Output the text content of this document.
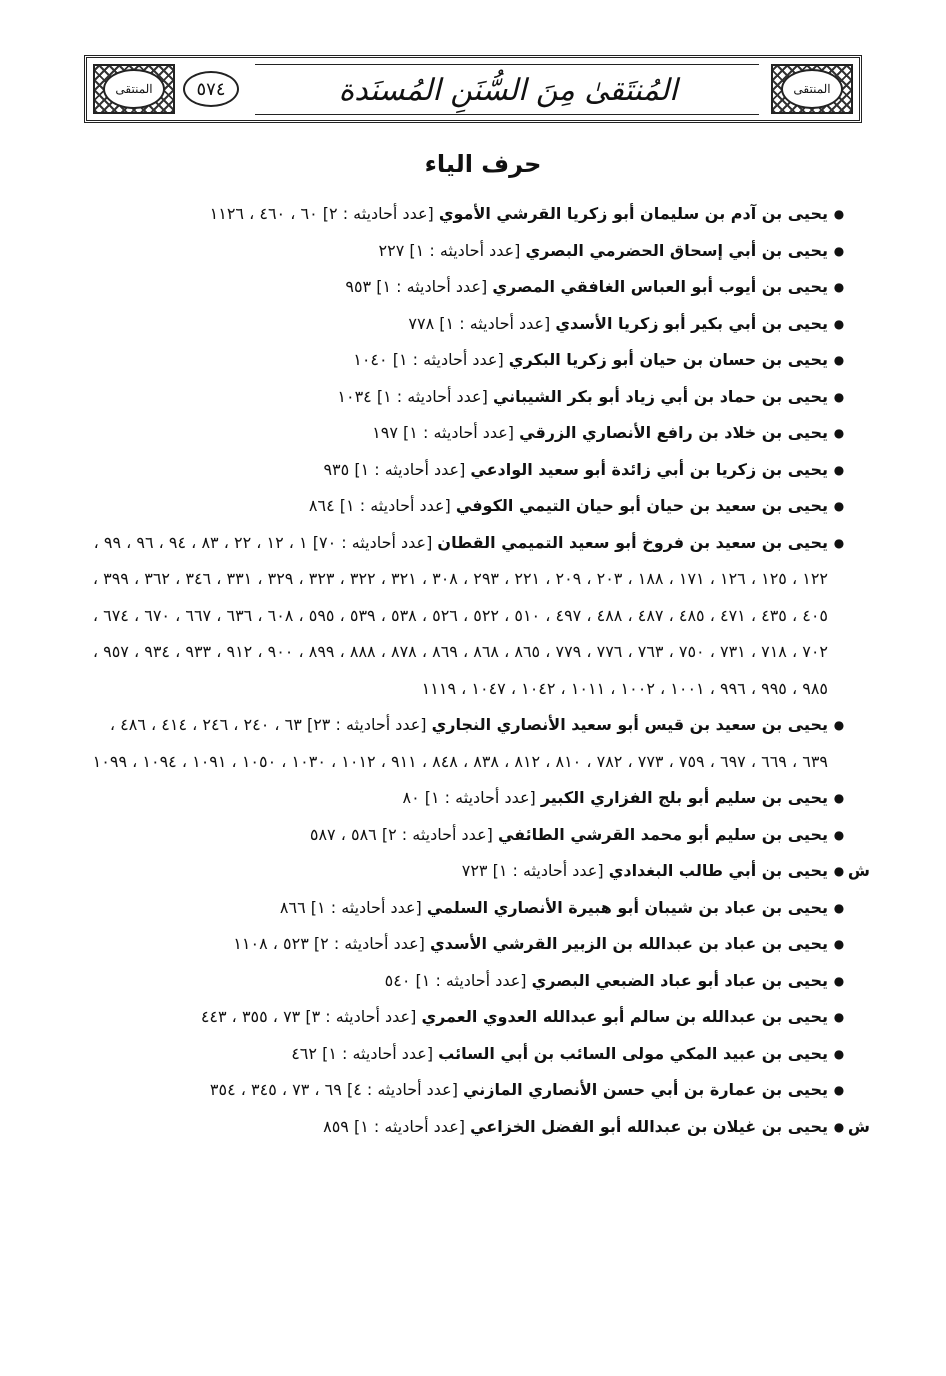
المنتقى	٥٧٤	المُنتَقىٰ مِنَ السُّنَنِ المُسنَدة	المنتقى
حرف الياء
●
يحيى بن آدم بن سليمان أبو زكريا القرشي الأموي [عدد أحاديثه : ٢] ٦٠ ، ٤٦٠ ، ١١٢٦
●
يحيى بن أبي إسحاق الحضرمي البصري [عدد أحاديثه : ١] ٢٢٧
●
يحيى بن أيوب أبو العباس الغافقي المصري [عدد أحاديثه : ١] ٩٥٣
●
يحيى بن أبي بكير أبو زكريا الأسدي [عدد أحاديثه : ١] ٧٧٨
●
يحيى بن حسان بن حيان أبو زكريا البكري [عدد أحاديثه : ١] ١٠٤٠
●
يحيى بن حماد بن أبي زياد أبو بكر الشيباني [عدد أحاديثه : ١] ١٠٣٤
●
يحيى بن خلاد بن رافع الأنصاري الزرقي [عدد أحاديثه : ١] ١٩٧
●
يحيى بن زكريا بن أبي زائدة أبو سعيد الوادعي [عدد أحاديثه : ١] ٩٣٥
●
يحيى بن سعيد بن حيان أبو حيان التيمي الكوفي [عدد أحاديثه : ١] ٨٦٤
●
يحيى بن سعيد بن فروخ أبو سعيد التميمي القطان [عدد أحاديثه : ٧٠] ١ ، ١٢ ، ٢٢ ، ٨٣ ، ٩٤ ، ٩٦ ، ٩٩ ، ١٢٢ ، ١٢٥ ، ١٢٦ ، ١٧١ ، ١٨٨ ، ٢٠٣ ، ٢٠٩ ، ٢٢١ ، ٢٩٣ ، ٣٠٨ ، ٣٢١ ، ٣٢٢ ، ٣٢٣ ، ٣٢٩ ، ٣٣١ ، ٣٤٦ ، ٣٦٢ ، ٣٩٩ ، ٤٠٥ ، ٤٣٥ ، ٤٧١ ، ٤٨٥ ، ٤٨٧ ، ٤٨٨ ، ٤٩٧ ، ٥١٠ ، ٥٢٢ ، ٥٢٦ ، ٥٣٨ ، ٥٣٩ ، ٥٩٥ ، ٦٠٨ ، ٦٣٦ ، ٦٦٧ ، ٦٧٠ ، ٦٧٤ ، ٧٠٢ ، ٧١٨ ، ٧٣١ ، ٧٥٠ ، ٧٦٣ ، ٧٧٦ ، ٧٧٩ ، ٨٦٥ ، ٨٦٨ ، ٨٦٩ ، ٨٧٨ ، ٨٨٨ ، ٨٩٩ ، ٩٠٠ ، ٩١٢ ، ٩٣٣ ، ٩٣٤ ، ٩٥٧ ، ٩٨٥ ، ٩٩٥ ، ٩٩٦ ، ١٠٠١ ، ١٠٠٢ ، ١٠١١ ، ١٠٤٢ ، ١٠٤٧ ، ١١١٩
●
يحيى بن سعيد بن قيس أبو سعيد الأنصاري النجاري [عدد أحاديثه : ٢٣] ٦٣ ، ٢٤٠ ، ٢٤٦ ، ٤١٤ ، ٤٨٦ ، ٦٣٩ ، ٦٦٩ ، ٦٩٧ ، ٧٥٩ ، ٧٧٣ ، ٧٨٢ ، ٨١٠ ، ٨١٢ ، ٨٣٨ ، ٨٤٨ ، ٩١١ ، ١٠١٢ ، ١٠٣٠ ، ١٠٥٠ ، ١٠٩١ ، ١٠٩٤ ، ١٠٩٩
●
يحيى بن سليم أبو بلج الفزاري الكبير [عدد أحاديثه : ١] ٨٠
●
يحيى بن سليم أبو محمد القرشي الطائفي [عدد أحاديثه : ٢] ٥٨٦ ، ٥٨٧
ش
●
يحيى بن أبي طالب البغدادي [عدد أحاديثه : ١] ٧٢٣
●
يحيى بن عباد بن شيبان أبو هبيرة الأنصاري السلمي [عدد أحاديثه : ١] ٨٦٦
●
يحيى بن عباد بن عبدالله بن الزبير القرشي الأسدي [عدد أحاديثه : ٢] ٥٢٣ ، ١١٠٨
●
يحيى بن عباد أبو عباد الضبعي البصري [عدد أحاديثه : ١] ٥٤٠
●
يحيى بن عبدالله بن سالم أبو عبدالله العدوي العمري [عدد أحاديثه : ٣] ٧٣ ، ٣٥٥ ، ٤٤٣
●
يحيى بن عبيد المكي مولى السائب بن أبي السائب [عدد أحاديثه : ١] ٤٦٢
●
يحيى بن عمارة بن أبي حسن الأنصاري المازني [عدد أحاديثه : ٤] ٦٩ ، ٧٣ ، ٣٤٥ ، ٣٥٤
ش
●
يحيى بن غيلان بن عبدالله أبو الفضل الخزاعي [عدد أحاديثه : ١] ٨٥٩
